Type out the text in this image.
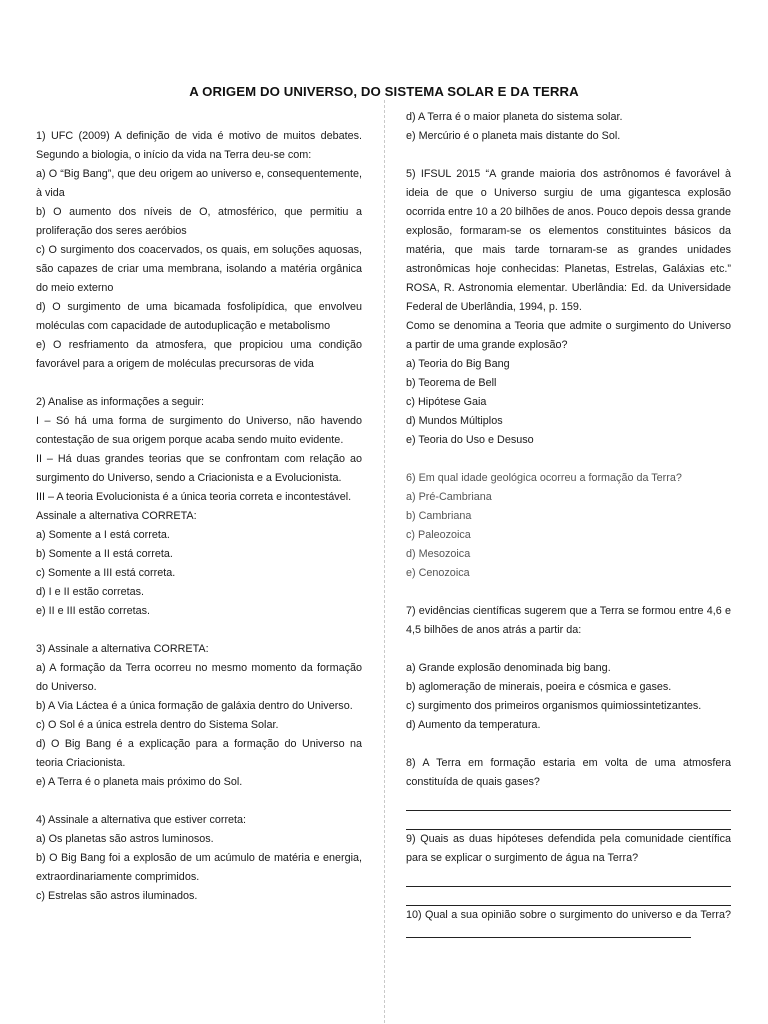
A ORIGEM DO UNIVERSO, DO SISTEMA SOLAR E DA TERRA

1) UFC (2009) A definição de vida é motivo de muitos debates. Segundo a biologia, o início da vida na Terra deu-se com:

a) O “Big Bang”, que deu origem ao universo e, consequentemente, à vida

b) O aumento dos níveis de O, atmosférico, que permitiu a proliferação dos seres aeróbios

c) O surgimento dos coacervados, os quais, em soluções aquosas, são capazes de criar uma membrana, isolando a matéria orgânica do meio externo

d) O surgimento de uma bicamada fosfolipídica, que envolveu moléculas com capacidade de autoduplicação e metabolismo

e) O resfriamento da atmosfera, que propiciou uma condição favorável para a origem de moléculas precursoras de vida

2) Analise as informações a seguir:

I – Só há uma forma de surgimento do Universo, não havendo contestação de sua origem porque acaba sendo muito evidente.

II – Há duas grandes teorias que se confrontam com relação ao surgimento do Universo, sendo a Criacionista e a Evolucionista.

III – A teoria Evolucionista é a única teoria correta e incontestável.

Assinale a alternativa CORRETA:

a) Somente a I está correta.

b) Somente a II está correta.

c) Somente a III está correta.

d) I e II estão corretas.

e) II e III estão corretas.

3) Assinale a alternativa CORRETA:

a) A formação da Terra ocorreu no mesmo momento da formação do Universo.

b) A Via Láctea é a única formação de galáxia dentro do Universo.

c) O Sol é a única estrela dentro do Sistema Solar.

d) O Big Bang é a explicação para a formação do Universo na teoria Criacionista.

e) A Terra é o planeta mais próximo do Sol.

4) Assinale a alternativa que estiver correta:

a) Os planetas são astros luminosos.

b) O Big Bang foi a explosão de um acúmulo de matéria e energia, extraordinariamente comprimidos.

c) Estrelas são astros iluminados.

d) A Terra é o maior planeta do sistema solar.

e) Mercúrio é o planeta mais distante do Sol.

5) IFSUL 2015 “A grande maioria dos astrônomos é favorável à ideia de que o Universo surgiu de uma gigantesca explosão ocorrida entre 10 a 20 bilhões de anos. Pouco depois dessa grande explosão, formaram-se os elementos constituintes básicos da matéria, que mais tarde tornaram-se as grandes unidades astronômicas hoje conhecidas: Planetas, Estrelas, Galáxias etc.” ROSA, R. Astronomia elementar. Uberlândia: Ed. da Universidade Federal de Uberlândia, 1994, p. 159.

Como se denomina a Teoria que admite o surgimento do Universo a partir de uma grande explosão?

a) Teoria do Big Bang

b) Teorema de Bell

c) Hipótese Gaia

d) Mundos Múltiplos

e) Teoria do Uso e Desuso

6) Em qual idade geológica ocorreu a formação da Terra?

a) Pré-Cambriana

b) Cambriana

c) Paleozoica

d) Mesozoica

e) Cenozoica

7) evidências científicas sugerem que a Terra se formou entre 4,6 e 4,5 bilhões de anos atrás a partir da:

a) Grande explosão denominada big bang.

b) aglomeração de minerais, poeira e cósmica e gases.

c) surgimento dos primeiros organismos quimiossintetizantes.

d) Aumento da temperatura.

8) A Terra em formação estaria em volta de uma atmosfera constituída de quais gases?

9) Quais as duas hipóteses defendida pela comunidade científica para se explicar o surgimento de água na Terra?

10) Qual a sua opinião sobre o surgimento do universo e da Terra?
